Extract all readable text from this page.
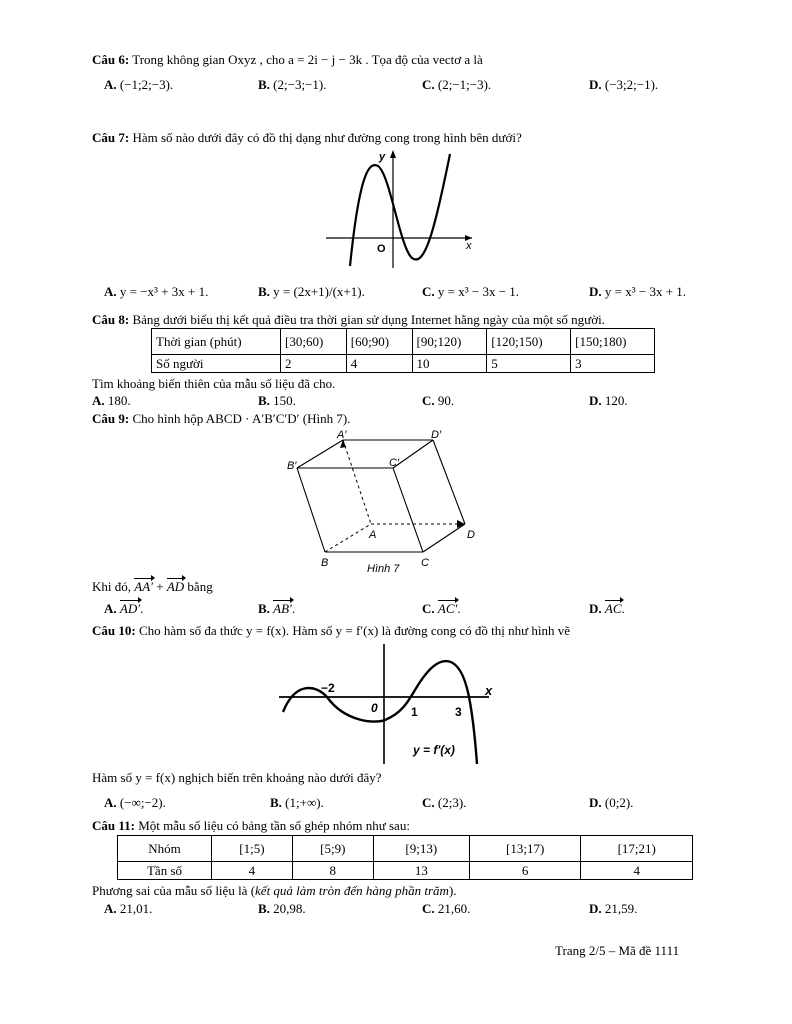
Câu 6: Trong không gian Oxyz , cho a = 2i − j − 3k . Tọa độ của vectơ a là
A. (−1;2;−3).	B. (2;−3;−1).	C. (2;−1;−3).	D. (−3;2;−1).
Câu 7: Hàm số nào dưới đây có đồ thị dạng như đường cong trong hình bên dưới?
y
x
O
A. y = −x³ + 3x + 1.	B. y = (2x+1)/(x+1).	C. y = x³ − 3x − 1.	D. y = x³ − 3x + 1.
Câu 8: Bảng dưới biểu thị kết quả điều tra thời gian sử dụng Internet hằng ngày của một số người.
Thời gian (phút)	[30;60)	[60;90)	[90;120)	[120;150)	[150;180)
Số người	2	4	10	5	3
Tìm khoảng biến thiên của mẫu số liệu đã cho.
A. 180.	B. 150.	C. 90.	D. 120.
Câu 9: Cho hình hộp ABCD · A′B′C′D′ (Hình 7).
A′	D′
B′	C′
A	D
B	C
Hình 7
Khi đó, AA′ + AD bằng
A. AD′.	B. AB′.	C. AC′.	D. AC.
Câu 10: Cho hàm số đa thức y = f(x). Hàm số y = f′(x) là đường cong có đồ thị như hình vẽ
x
−2
0	1	3
y = f′(x)
Hàm số y = f(x) nghịch biến trên khoảng nào dưới đây?
A. (−∞;−2).	B. (1;+∞).	C. (2;3).	D. (0;2).
Câu 11: Một mẫu số liệu có bảng tần số ghép nhóm như sau:
Nhóm	[1;5)	[5;9)	[9;13)	[13;17)	[17;21)
Tần số	4	8	13	6	4
Phương sai của mẫu số liệu là (kết quả làm tròn đến hàng phần trăm).
A. 21,01.	B. 20,98.	C. 21,60.	D. 21,59.
Trang 2/5 – Mã đề 1111
